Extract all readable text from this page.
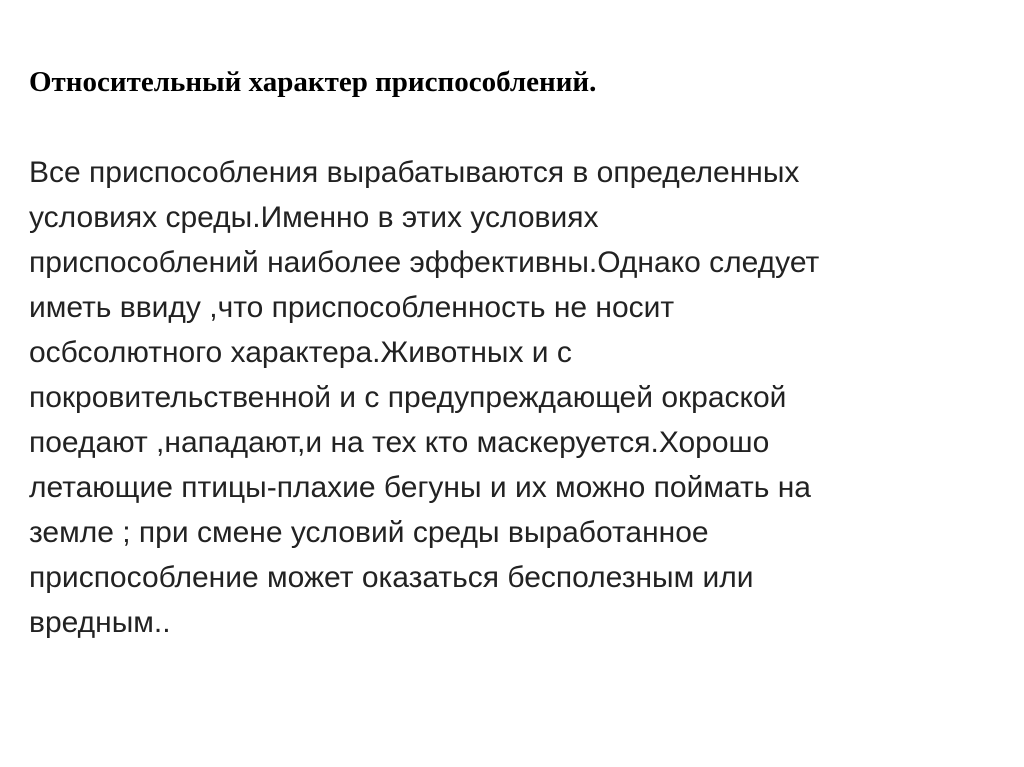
Относительный характер приспособлений.
Все приспособления вырабатываются в определенных
условиях среды.Именно в этих условиях
приспособлений наиболее эффективны.Однако следует
иметь ввиду ,что приспособленность не носит
осбсолютного характера.Животных и с
покровительственной и с предупреждающей окраской
поедают ,нападают,и на тех кто маскеруется.Хорошо
летающие птицы-плахие бегуны и их можно поймать на
земле ; при смене условий среды выработанное
приспособление может оказаться бесполезным или
вредным..
